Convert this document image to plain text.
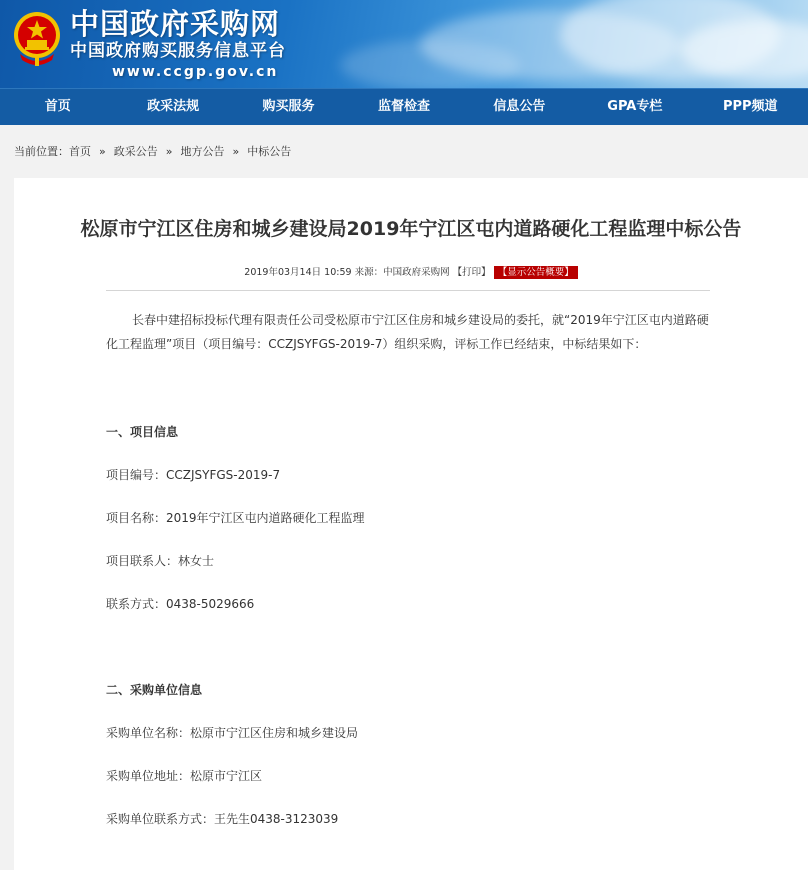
中国政府采购网
中国政府购买服务信息平台
www.ccgp.gov.cn
首页	政采法规	购买服务	监督检查	信息公告	GPA专栏	PPP频道
当前位置：首页 » 政采公告 » 地方公告 » 中标公告
松原市宁江区住房和城乡建设局2019年宁江区屯内道路硬化工程监理中标公告
2019年03月14日 10:59 来源：中国政府采购网 【打印】 【显示公告概要】
长春中建招标投标代理有限责任公司受松原市宁江区住房和城乡建设局的委托，就“2019年宁江区屯内道路硬化工程监理”项目（项目编号：CCZJSYFGS-2019-7）组织采购，评标工作已经结束，中标结果如下：
一、项目信息
项目编号：CCZJSYFGS-2019-7
项目名称：2019年宁江区屯内道路硬化工程监理
项目联系人：林女士
联系方式：0438-5029666
二、采购单位信息
采购单位名称：松原市宁江区住房和城乡建设局
采购单位地址：松原市宁江区
采购单位联系方式：王先生0438-3123039
